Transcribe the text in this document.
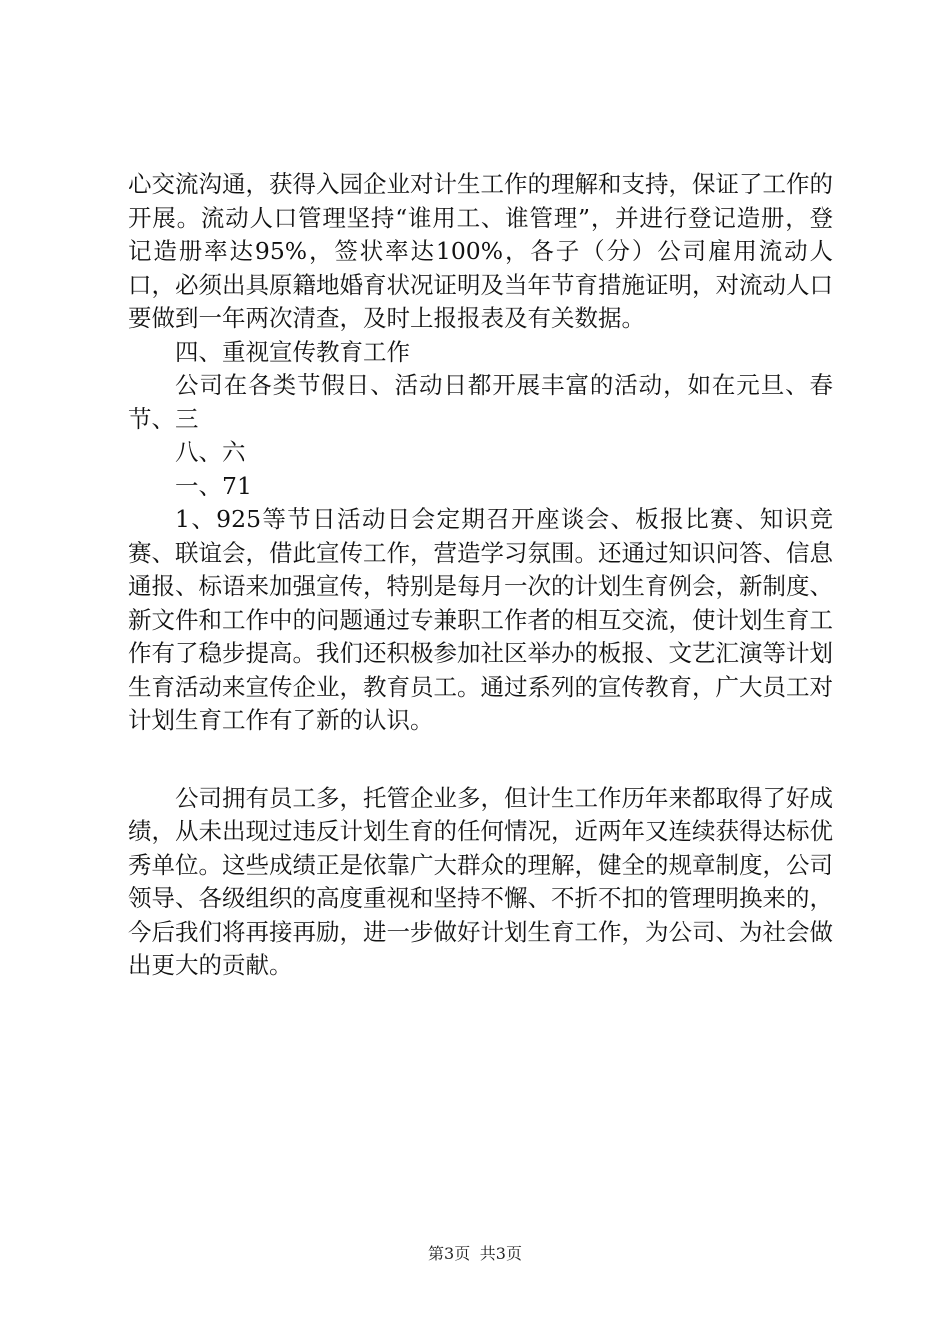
心交流沟通，获得入园企业对计生工作的理解和支持，保证了工作的开展。流动人口管理坚持“谁用工、谁管理”，并进行登记造册，登记造册率达95%，签状率达100%，各子（分）公司雇用流动人口，必须出具原籍地婚育状况证明及当年节育措施证明，对流动人口要做到一年两次清查，及时上报报表及有关数据。

四、重视宣传教育工作

公司在各类节假日、活动日都开展丰富的活动，如在元旦、春节、三

八、六

一、71

1、925等节日活动日会定期召开座谈会、板报比赛、知识竞赛、联谊会，借此宣传工作，营造学习氛围。还通过知识问答、信息通报、标语来加强宣传，特别是每月一次的计划生育例会，新制度、新文件和工作中的问题通过专兼职工作者的相互交流，使计划生育工作有了稳步提高。我们还积极参加社区举办的板报、文艺汇演等计划生育活动来宣传企业，教育员工。通过系列的宣传教育，广大员工对计划生育工作有了新的认识。

公司拥有员工多，托管企业多，但计生工作历年来都取得了好成绩，从未出现过违反计划生育的任何情况，近两年又连续获得达标优秀单位。这些成绩正是依靠广大群众的理解，健全的规章制度，公司领导、各级组织的高度重视和坚持不懈、不折不扣的管理明换来的，今后我们将再接再励，进一步做好计划生育工作，为公司、为社会做出更大的贡献。

第3页 共3页
